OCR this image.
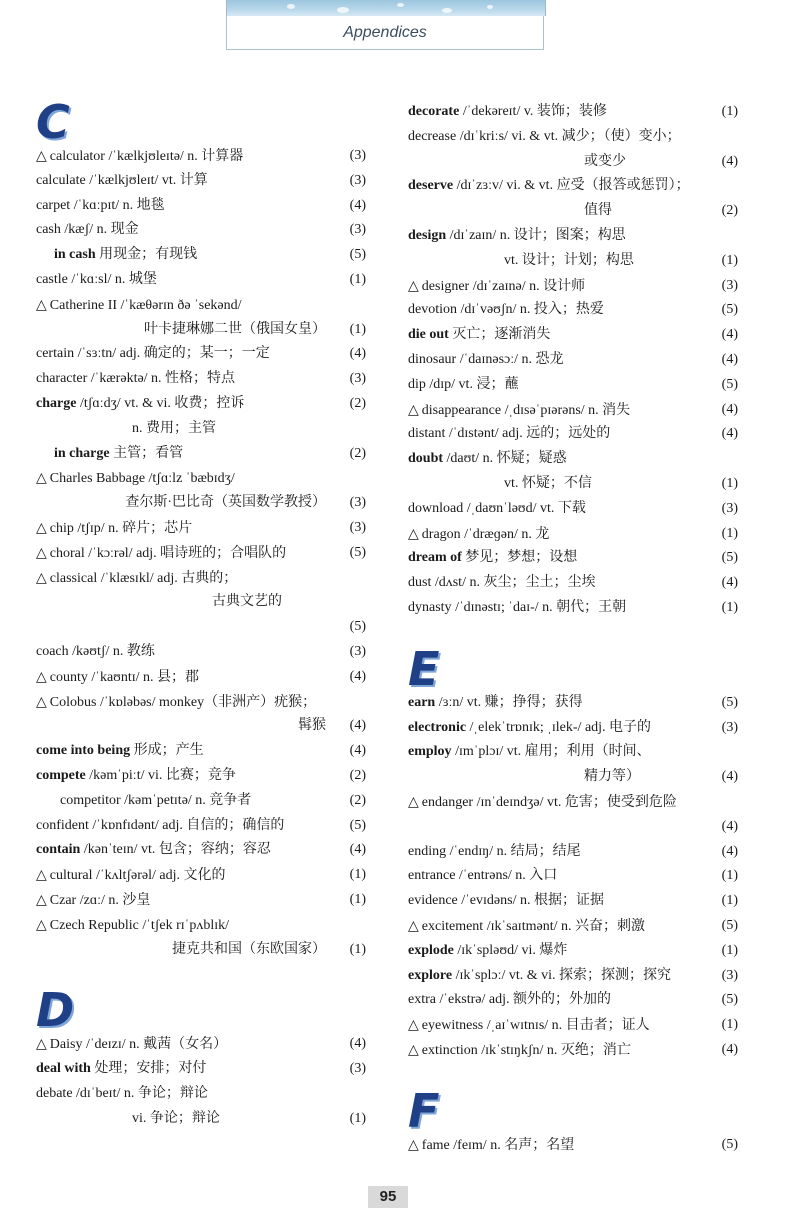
Appendices
C
△ calculator /ˈkælkjʊleɪtə/ n. 计算器	(3)
calculate /ˈkælkjʊleɪt/ vt. 计算	(3)
carpet /ˈkɑːpɪt/ n. 地毯	(4)
cash /kæʃ/ n. 现金	(3)
in cash 用现金；有现钱	(5)
castle /ˈkɑːsl/ n. 城堡	(1)
△ Catherine II /ˈkæθərɪn ðə ˈsekənd/
叶卡捷琳娜二世（俄国女皇） (1)
certain /ˈsɜːtn/ adj. 确定的；某一；一定	(4)
character /ˈkærəktə/ n. 性格；特点	(3)
charge /tʃɑːdʒ/ vt. & vi. 收费；控诉	(2)
n. 费用；主管
in charge 主管；看管	(2)
△ Charles Babbage /tʃɑːlz ˈbæbɪdʒ/
查尔斯·巴比奇（英国数学教授） (3)
△ chip /tʃɪp/ n. 碎片；芯片	(3)
△ choral /ˈkɔːrəl/ adj. 唱诗班的；合唱队的	(5)
△ classical /ˈklæsɪkl/ adj. 古典的；
古典文艺的
(5)
coach /kəʊtʃ/ n. 教练	(3)
△ county /ˈkaʊntɪ/ n. 县；郡	(4)
△ Colobus /ˈkɒləbəs/ monkey（非洲产）疣猴；
髯猴 (4)
come into being 形成；产生	(4)
compete /kəmˈpiːt/ vi. 比赛；竞争	(2)
competitor /kəmˈpetɪtə/ n. 竞争者	(2)
confident /ˈkɒnfɪdənt/ adj. 自信的；确信的	(5)
contain /kənˈteɪn/ vt. 包含；容纳；容忍	(4)
△ cultural /ˈkʌltʃərəl/ adj. 文化的	(1)
△ Czar /zɑː/ n. 沙皇	(1)
△ Czech Republic /ˈtʃek rɪˈpʌblɪk/
捷克共和国（东欧国家） (1)
D
△ Daisy /ˈdeɪzɪ/ n. 戴茜（女名）	(4)
deal with 处理；安排；对付	(3)
debate /dɪˈbeɪt/ n. 争论；辩论
vi. 争论；辩论	(1)
decorate /ˈdekəreɪt/ v. 装饰；装修	(1)
decrease /dɪˈkriːs/ vi. & vt. 减少；（使）变小；
或变少	(4)
deserve /dɪˈzɜːv/ vi. & vt. 应受（报答或惩罚）；
值得	(2)
design /dɪˈzaɪn/ n. 设计；图案；构思
vt. 设计；计划；构思	(1)
△ designer /dɪˈzaɪnə/ n. 设计师	(3)
devotion /dɪˈvəʊʃn/ n. 投入；热爱	(5)
die out 灭亡；逐渐消失	(4)
dinosaur /ˈdaɪnəsɔː/ n. 恐龙	(4)
dip /dɪp/ vt. 浸；蘸	(5)
△ disappearance /ˌdɪsəˈpɪərəns/ n. 消失	(4)
distant /ˈdɪstənt/ adj. 远的；远处的	(4)
doubt /daʊt/ n. 怀疑；疑惑
vt. 怀疑；不信	(1)
download /ˌdaʊnˈləʊd/ vt. 下载	(3)
△ dragon /ˈdræɡən/ n. 龙	(1)
dream of 梦见；梦想；设想	(5)
dust /dʌst/ n. 灰尘；尘土；尘埃	(4)
dynasty /ˈdɪnəstɪ; ˈdaɪ-/ n. 朝代；王朝	(1)
E
earn /ɜːn/ vt. 赚；挣得；获得	(5)
electronic /ˌelekˈtrɒnɪk; ˌɪlek-/ adj. 电子的	(3)
employ /ɪmˈplɔɪ/ vt. 雇用；利用（时间、
精力等）	(4)
△ endanger /ɪnˈdeɪndʒə/ vt. 危害；使受到危险
(4)
ending /ˈendɪŋ/ n. 结局；结尾	(4)
entrance /ˈentrəns/ n. 入口	(1)
evidence /ˈevɪdəns/ n. 根据；证据	(1)
△ excitement /ɪkˈsaɪtmənt/ n. 兴奋；刺激	(5)
explode /ɪkˈspləʊd/ vi. 爆炸	(1)
explore /ɪkˈsplɔː/ vt. & vi. 探索；探测；探究	(3)
extra /ˈekstrə/ adj. 额外的；外加的	(5)
△ eyewitness /ˌaɪˈwɪtnɪs/ n. 目击者；证人	(1)
△ extinction /ɪkˈstɪŋkʃn/ n. 灭绝；消亡	(4)
F
△ fame /feɪm/ n. 名声；名望	(5)
95
